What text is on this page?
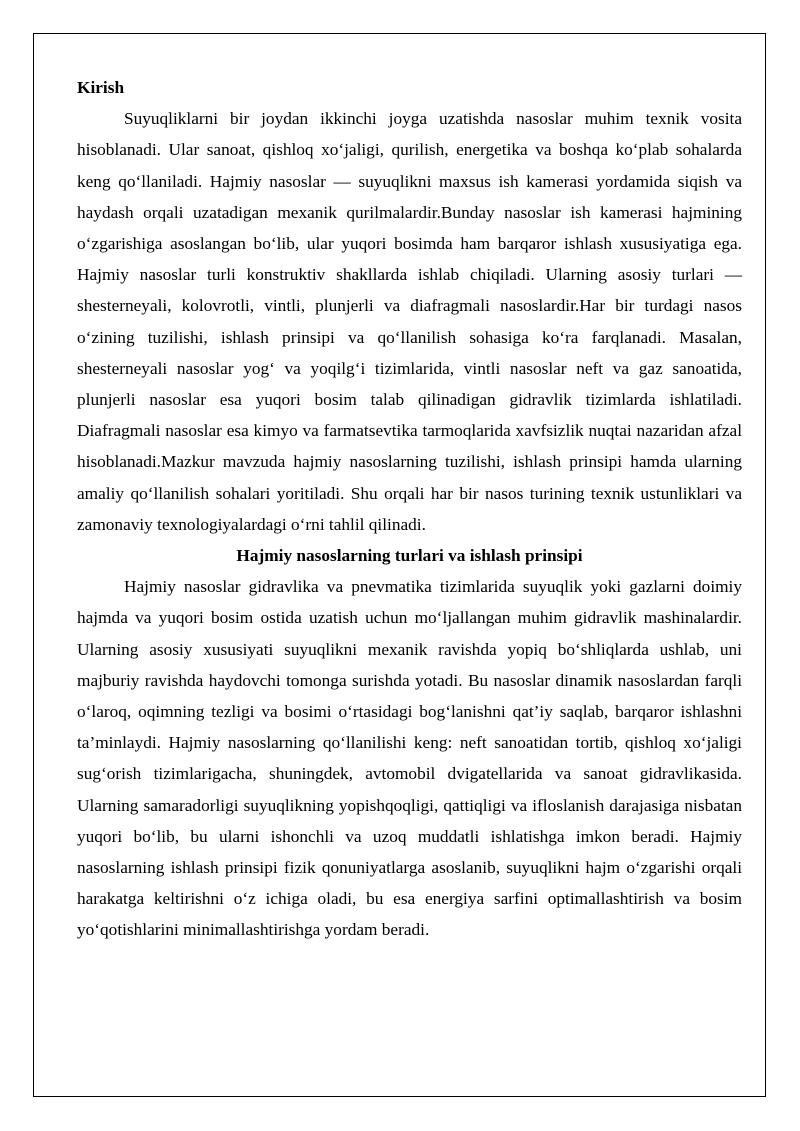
Kirish

Suyuqliklarni bir joydan ikkinchi joyga uzatishda nasoslar muhim texnik vosita hisoblanadi. Ular sanoat, qishloq xo‘jaligi, qurilish, energetika va boshqa ko‘plab sohalarda keng qo‘llaniladi. Hajmiy nasoslar — suyuqlikni maxsus ish kamerasi yordamida siqish va haydash orqali uzatadigan mexanik qurilmalardir.Bunday nasoslar ish kamerasi hajmining o‘zgarishiga asoslangan bo‘lib, ular yuqori bosimda ham barqaror ishlash xususiyatiga ega. Hajmiy nasoslar turli konstruktiv shakllarda ishlab chiqiladi. Ularning asosiy turlari — shesterneyali, kolovrotli, vintli, plunjerli va diafragmali nasoslardir.Har bir turdagi nasos o‘zining tuzilishi, ishlash prinsipi va qo‘llanilish sohasiga ko‘ra farqlanadi. Masalan, shesterneyali nasoslar yog‘ va yoqilg‘i tizimlarida, vintli nasoslar neft va gaz sanoatida, plunjerli nasoslar esa yuqori bosim talab qilinadigan gidravlik tizimlarda ishlatiladi. Diafragmali nasoslar esa kimyo va farmatsevtika tarmoqlarida xavfsizlik nuqtai nazaridan afzal hisoblanadi.Mazkur mavzuda hajmiy nasoslarning tuzilishi, ishlash prinsipi hamda ularning amaliy qo‘llanilish sohalari yoritiladi. Shu orqali har bir nasos turining texnik ustunliklari va zamonaviy texnologiyalardagi o‘rni tahlil qilinadi.

Hajmiy nasoslarning turlari va ishlash prinsipi

Hajmiy nasoslar gidravlika va pnevmatika tizimlarida suyuqlik yoki gazlarni doimiy hajmda va yuqori bosim ostida uzatish uchun mo‘ljallangan muhim gidravlik mashinalardir. Ularning asosiy xususiyati suyuqlikni mexanik ravishda yopiq bo‘shliqlarda ushlab, uni majburiy ravishda haydovchi tomonga surishda yotadi. Bu nasoslar dinamik nasoslardan farqli o‘laroq, oqimning tezligi va bosimi o‘rtasidagi bog‘lanishni qat’iy saqlab, barqaror ishlashni ta’minlaydi. Hajmiy nasoslarning qo‘llanilishi keng: neft sanoatidan tortib, qishloq xo‘jaligi sug‘orish tizimlarigacha, shuningdek, avtomobil dvigatellarida va sanoat gidravlikasida. Ularning samaradorligi suyuqlikning yopishqoqligi, qattiqligi va ifloslanish darajasiga nisbatan yuqori bo‘lib, bu ularni ishonchli va uzoq muddatli ishlatishga imkon beradi. Hajmiy nasoslarning ishlash prinsipi fizik qonuniyatlarga asoslanib, suyuqlikni hajm o‘zgarishi orqali harakatga keltirishni o‘z ichiga oladi, bu esa energiya sarfini optimallashtirish va bosim yo‘qotishlarini minimallashtirishga yordam beradi.
